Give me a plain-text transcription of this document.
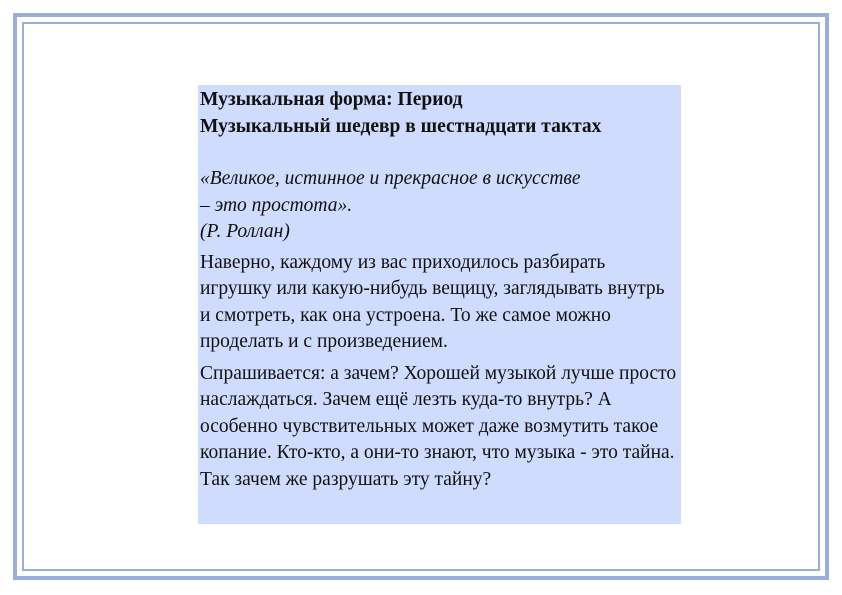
Музыкальная форма: Период
Музыкальный шедевр в шестнадцати тактах
«Великое, истинное и прекрасное в искусстве
– это простота».
(Р. Роллан)

Наверно, каждому из вас приходилось разбирать игрушку или какую-нибудь вещицу, заглядывать внутрь и смотреть, как она устроена. То же самое можно проделать и с произведением.

Спрашивается: а зачем? Хорошей музыкой лучше просто наслаждаться. Зачем ещё лезть куда-то внутрь? А особенно чувствительных может даже возмутить такое копание. Кто-кто, а они-то знают, что музыка - это тайна. Так зачем же разрушать эту тайну?
